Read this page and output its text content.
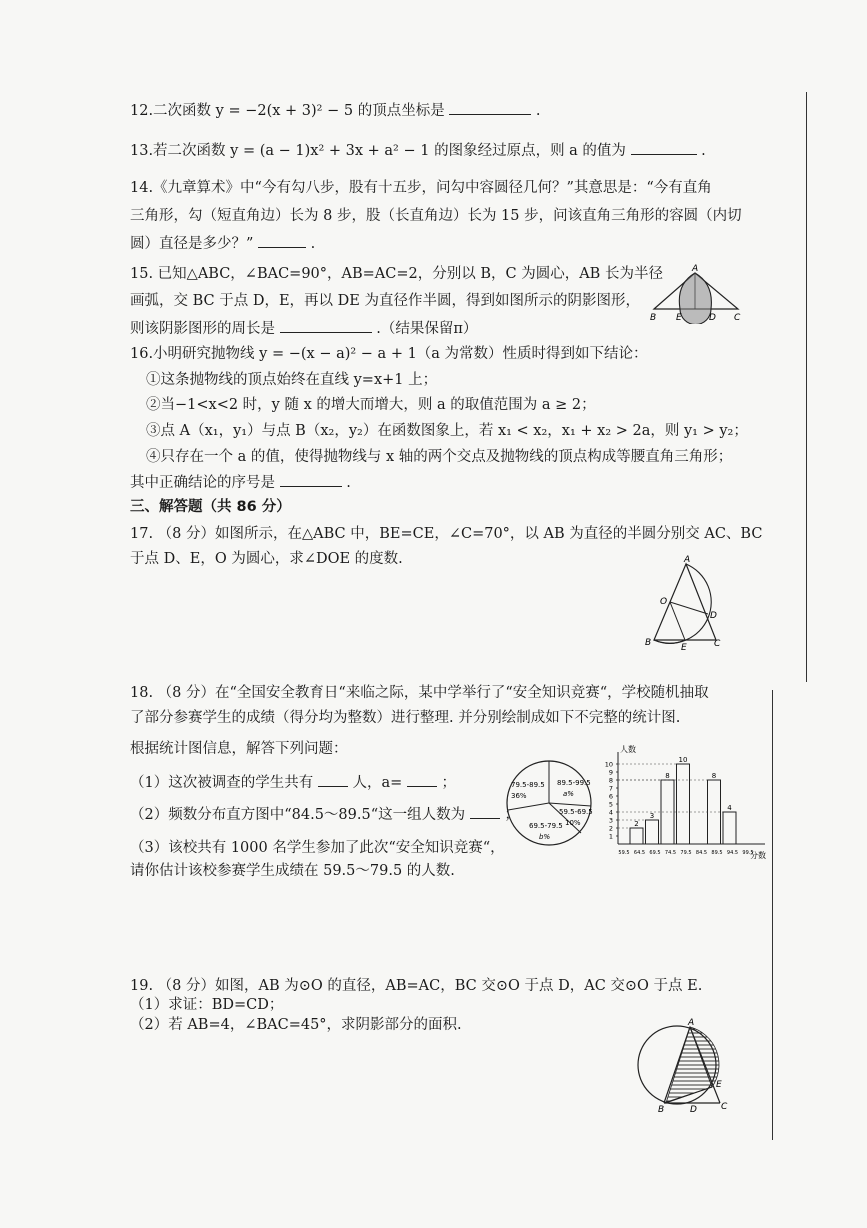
12.二次函数 y = −2(x + 3)² − 5 的顶点坐标是	.
13.若二次函数 y = (a − 1)x² + 3x + a² − 1 的图象经过原点，则 a 的值为	.
14.《九章算术》中“今有勾八步，股有十五步，问勾中容圆径几何？”其意思是：“今有直角
三角形，勾（短直角边）长为 8 步，股（长直角边）长为 15 步，问该直角三角形的容圆（内切
圆）直径是多少？”	.
15. 已知△ABC，∠BAC=90°，AB=AC=2，分别以 B，C 为圆心，AB 长为半径
画弧，交 BC 于点 D，E，再以 DE 为直径作半圆，得到如图所示的阴影图形，
则该阴影图形的周长是	.（结果保留π）
A
B E	D C
16.小明研究抛物线 y = −(x − a)² − a + 1（a 为常数）性质时得到如下结论：
①这条抛物线的顶点始终在直线 y=x+1 上；
②当−1<x<2 时，y 随 x 的增大而增大，则 a 的取值范围为 a ≥ 2；
③点 A（x₁，y₁）与点 B（x₂，y₂）在函数图象上，若 x₁ < x₂，x₁ + x₂ > 2a，则 y₁ > y₂；
④只存在一个 a 的值，使得抛物线与 x 轴的两个交点及抛物线的顶点构成等腰直角三角形；
其中正确结论的序号是	.
三、解答题（共 86 分）
17. （8 分）如图所示，在△ABC 中，BE=CE，∠C=70°，以 AB 为直径的半圆分别交 AC、BC
于点 D、E，O 为圆心，求∠DOE 的度数.	A
O
D
B	E	C
18. （8 分）在“全国安全教育日“来临之际，某中学举行了“安全知识竞赛“，学校随机抽取
了部分参赛学生的成绩（得分均为整数）进行整理. 并分别绘制成如下不完整的统计图.
根据统计图信息，解答下列问题：
（1）这次被调查的学生共有	人，a=	；
（2）频数分布直方图中“84.5～89.5“这一组人数为	；
（3）该校共有 1000 名学生参加了此次“安全知识竞赛“，
请你估计该校参赛学生成绩在 59.5～79.5 的人数.
79.5-89.5
36%
89.5-99.5
a%
59.5-69.5
10%
69.5-79.5
b%
人数
分数
1
2
3
4
5
6
7
8
9
10
59.5 64.5 69.5 74.5 79.5 84.5 89.5 94.5 99.5
2
3
8
10
8
4
19. （8 分）如图，AB 为⊙O 的直径，AB=AC，BC 交⊙O 于点 D，AC 交⊙O 于点 E.
（1）求证：BD=CD；
（2）若 AB=4，∠BAC=45°，求阴影部分的面积.	A
E
B	D	C
